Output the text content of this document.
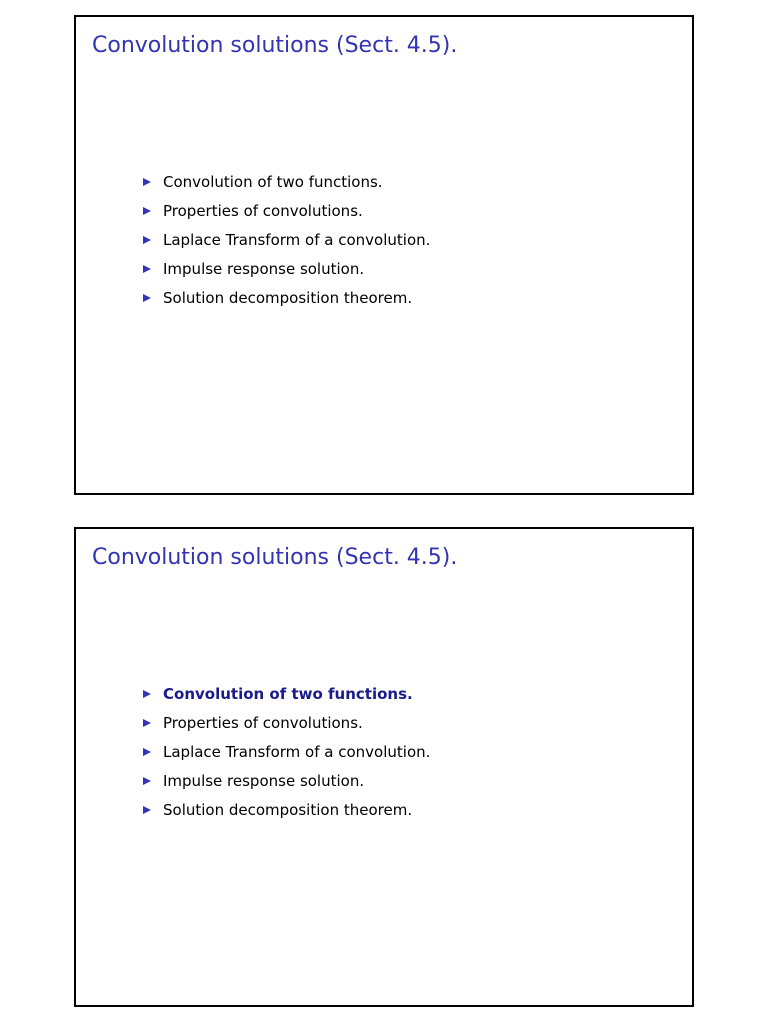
Convolution solutions (Sect. 4.5).
Convolution of two functions.
Properties of convolutions.
Laplace Transform of a convolution.
Impulse response solution.
Solution decomposition theorem.
Convolution solutions (Sect. 4.5).
Convolution of two functions.
Properties of convolutions.
Laplace Transform of a convolution.
Impulse response solution.
Solution decomposition theorem.
